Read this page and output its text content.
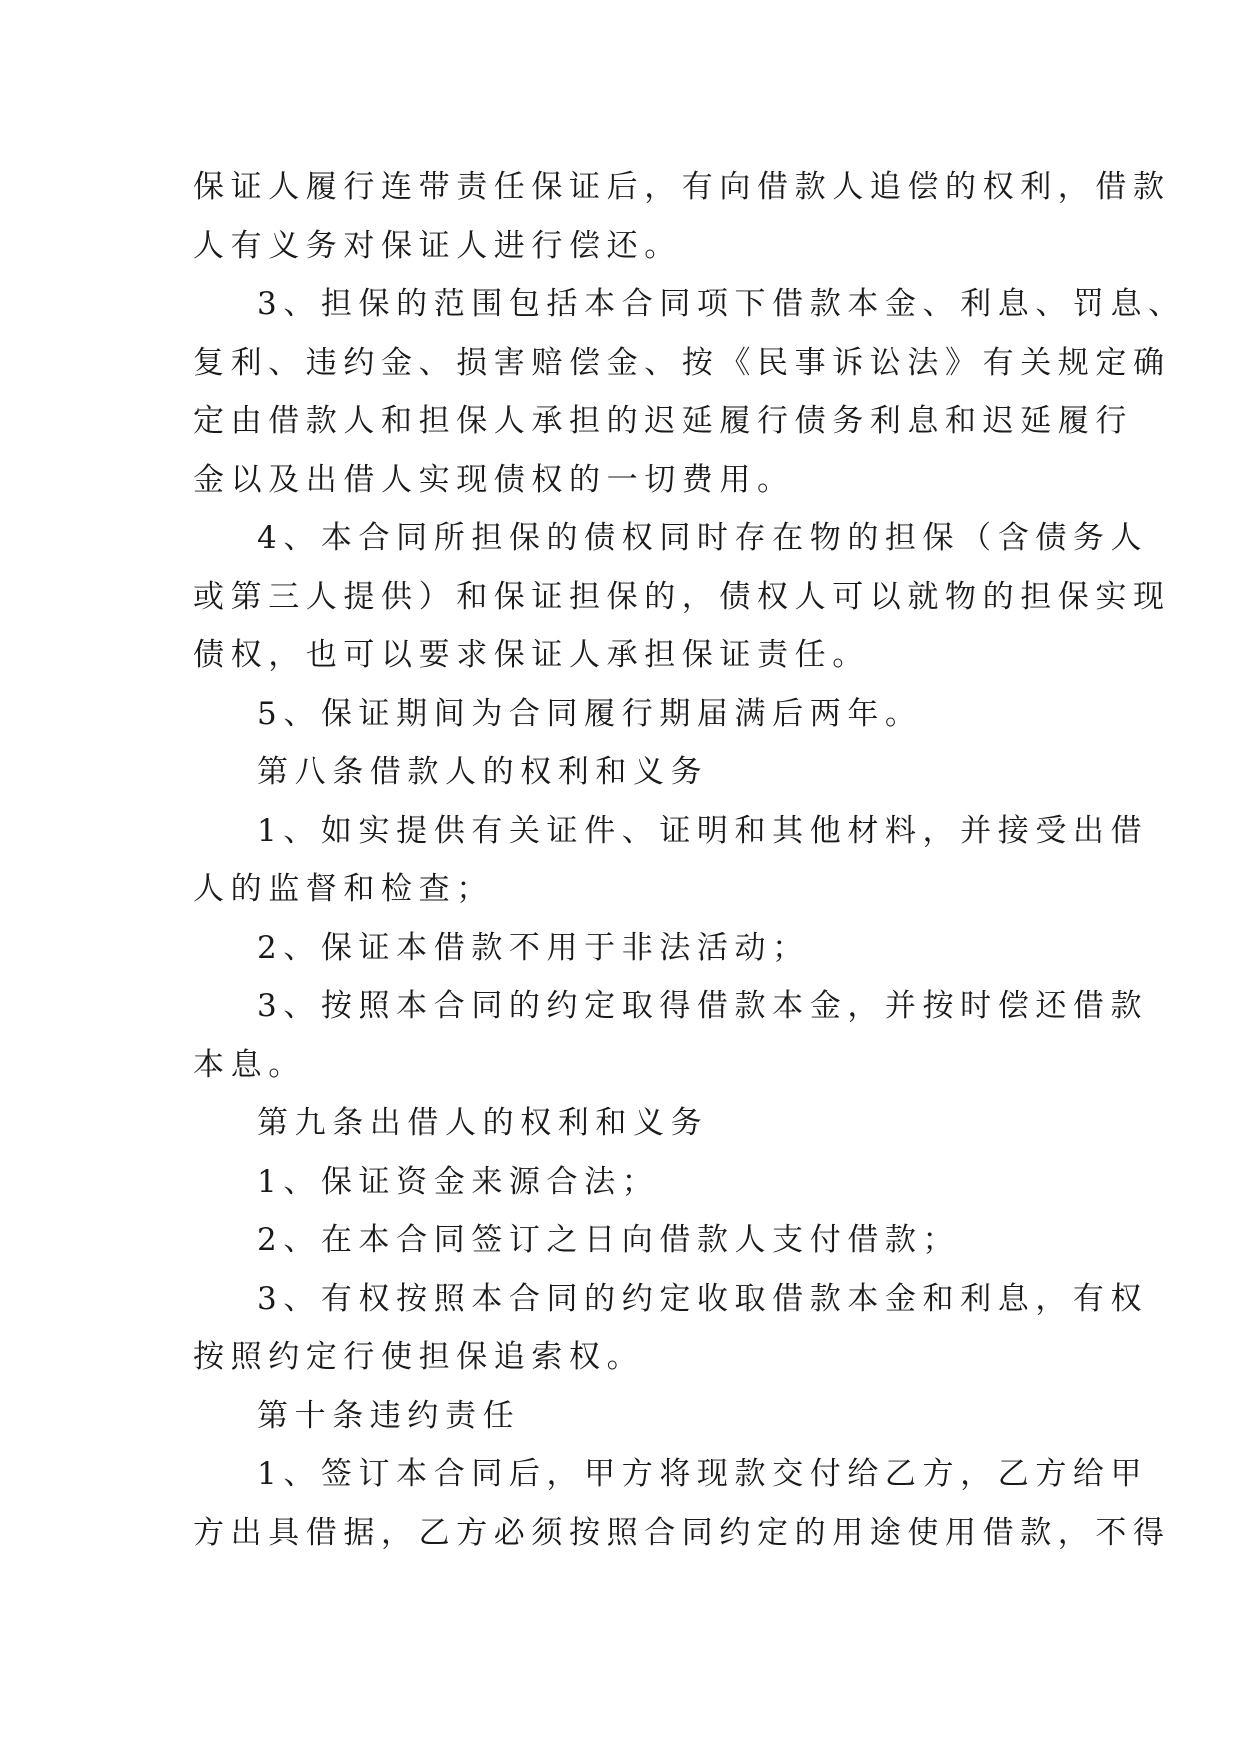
保证人履行连带责任保证后，有向借款人追偿的权利，借款
人有义务对保证人进行偿还。
3、担保的范围包括本合同项下借款本金、利息、罚息、
复利、违约金、损害赔偿金、按《民事诉讼法》有关规定确
定由借款人和担保人承担的迟延履行债务利息和迟延履行
金以及出借人实现债权的一切费用。
4、本合同所担保的债权同时存在物的担保（含债务人
或第三人提供）和保证担保的，债权人可以就物的担保实现
债权，也可以要求保证人承担保证责任。
5、保证期间为合同履行期届满后两年。
第八条借款人的权利和义务
1、如实提供有关证件、证明和其他材料，并接受出借
人的监督和检查；
2、保证本借款不用于非法活动；
3、按照本合同的约定取得借款本金，并按时偿还借款
本息。
第九条出借人的权利和义务
1、保证资金来源合法；
2、在本合同签订之日向借款人支付借款；
3、有权按照本合同的约定收取借款本金和利息，有权
按照约定行使担保追索权。
第十条违约责任
1、签订本合同后，甲方将现款交付给乙方，乙方给甲
方出具借据，乙方必须按照合同约定的用途使用借款，不得
